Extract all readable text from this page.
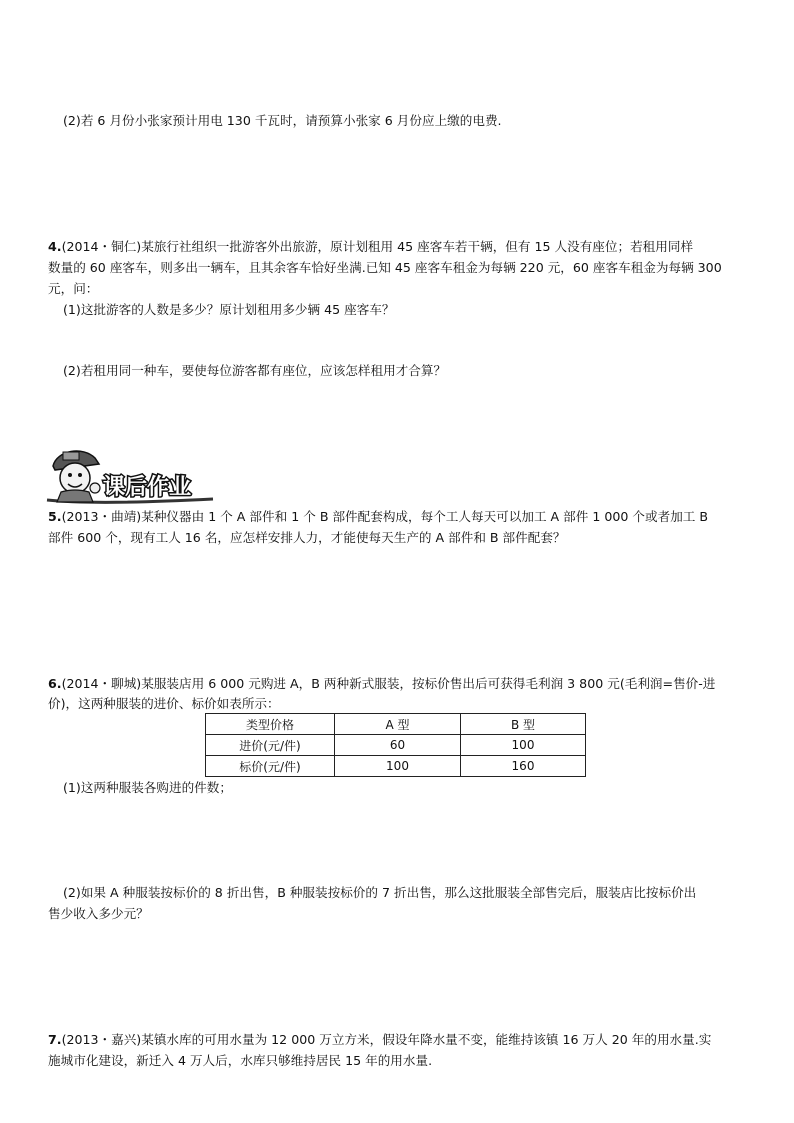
(2)若 6 月份小张家预计用电 130 千瓦时，请预算小张家 6 月份应上缴的电费.
4.(2014・铜仁)某旅行社组织一批游客外出旅游，原计划租用 45 座客车若干辆，但有 15 人没有座位；若租用同样
数量的 60 座客车，则多出一辆车，且其余客车恰好坐满.已知 45 座客车租金为每辆 220 元，60 座客车租金为每辆 300
元，问：
(1)这批游客的人数是多少？原计划租用多少辆 45 座客车？
(2)若租用同一种车，要使每位游客都有座位，应该怎样租用才合算？
课后作业
5.(2013・曲靖)某种仪器由 1 个 A 部件和 1 个 B 部件配套构成，每个工人每天可以加工 A 部件 1 000 个或者加工 B
部件 600 个，现有工人 16 名，应怎样安排人力，才能使每天生产的 A 部件和 B 部件配套？
6.(2014・聊城)某服装店用 6 000 元购进 A，B 两种新式服装，按标价售出后可获得毛利润 3 800 元(毛利润=售价-进
价)，这两种服装的进价、标价如表所示：
类型价格	A 型	B 型
进价(元/件)	60	100
标价(元/件)	100	160
(1)这两种服装各购进的件数；
(2)如果 A 种服装按标价的 8 折出售，B 种服装按标价的 7 折出售，那么这批服装全部售完后，服装店比按标价出
售少收入多少元？
7.(2013・嘉兴)某镇水库的可用水量为 12 000 万立方米，假设年降水量不变，能维持该镇 16 万人 20 年的用水量.实
施城市化建设，新迁入 4 万人后，水库只够维持居民 15 年的用水量.
